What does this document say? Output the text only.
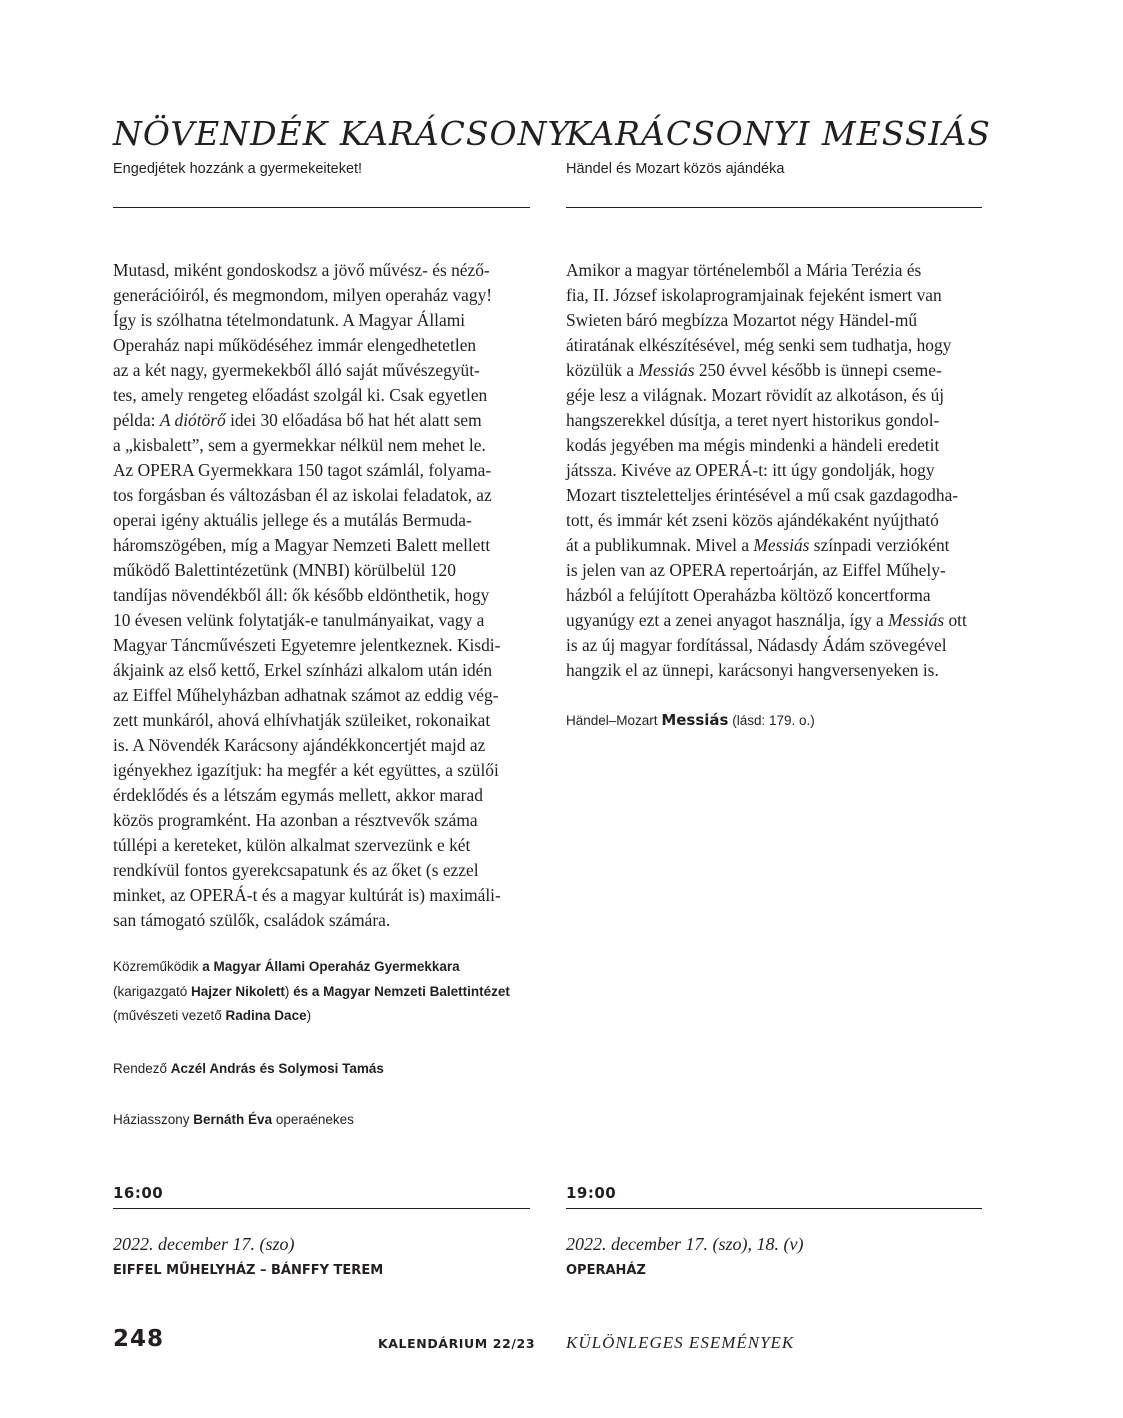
NÖVENDÉK KARÁCSONY
Engedjétek hozzánk a gyermekeiteket!
Mutasd, miként gondoskodsz a jövő művész- és néző-
generációiról, és megmondom, milyen operaház vagy!
Így is szólhatna tételmondatunk. A Magyar Állami
Operaház napi működéséhez immár elengedhetetlen
az a két nagy, gyermekekből álló saját művészegyüt-
tes, amely rengeteg előadást szolgál ki. Csak egyetlen
példa: A diótörő idei 30 előadása bő hat hét alatt sem
a „kisbalett”, sem a gyermekkar nélkül nem mehet le.
Az OPERA Gyermekkara 150 tagot számlál, folyama-
tos forgásban és változásban él az iskolai feladatok, az
operai igény aktuális jellege és a mutálás Bermuda-
háromszögében, míg a Magyar Nemzeti Balett mellett
működő Balettintézetünk (MNBI) körülbelül 120
tandíjas növendékből áll: ők később eldönthetik, hogy
10 évesen velünk folytatják-e tanulmányaikat, vagy a
Magyar Táncművészeti Egyetemre jelentkeznek. Kisdi-
ákjaink az első kettő, Erkel színházi alkalom után idén
az Eiffel Műhelyházban adhatnak számot az eddig vég-
zett munkáról, ahová elhívhatják szüleiket, rokonaikat
is. A Növendék Karácsony ajándékkoncertjét majd az
igényekhez igazítjuk: ha megfér a két együttes, a szülői
érdeklődés és a létszám egymás mellett, akkor marad
közös programként. Ha azonban a résztvevők száma
túllépi a kereteket, külön alkalmat szervezünk e két
rendkívül fontos gyerekcsapatunk és az őket (s ezzel
minket, az OPERÁ-t és a magyar kultúrát is) maximáli-
san támogató szülők, családok számára.
Közreműködik a Magyar Állami Operaház Gyermekkara
(karigazgató Hajzer Nikolett) és a Magyar Nemzeti Balettintézet
(művészeti vezető Radina Dace)
Rendező Aczél András és Solymosi Tamás
Háziasszony Bernáth Éva operaénekes
16:00
2022. december 17. (szo)
EIFFEL MŰHELYHÁZ – BÁNFFY TEREM
KARÁCSONYI MESSIÁS
Händel és Mozart közös ajándéka
Amikor a magyar történelemből a Mária Terézia és
fia, II. József iskolaprogramjainak fejeként ismert van
Swieten báró megbízza Mozartot négy Händel-mű
átiratának elkészítésével, még senki sem tudhatja, hogy
közülük a Messiás 250 évvel később is ünnepi cseme-
géje lesz a világnak. Mozart rövidít az alkotáson, és új
hangszerekkel dúsítja, a teret nyert historikus gondol-
kodás jegyében ma mégis mindenki a händeli eredetit
játssza. Kivéve az OPERÁ-t: itt úgy gondolják, hogy
Mozart tiszteletteljes érintésével a mű csak gazdagodha-
tott, és immár két zseni közös ajándékaként nyújtható
át a publikumnak. Mivel a Messiás színpadi verzióként
is jelen van az OPERA repertoárján, az Eiffel Műhely-
házból a felújított Operaházba költöző koncertforma
ugyanúgy ezt a zenei anyagot használja, így a Messiás ott
is az új magyar fordítással, Nádasdy Ádám szövegével
hangzik el az ünnepi, karácsonyi hangversenyeken is.
Händel–Mozart Messiás (lásd: 179. o.)
19:00
2022. december 17. (szo), 18. (v)
OPERAHÁZ
248	KALENDÁRIUM 22/23 KÜLÖNLEGES ESEMÉNYEK
